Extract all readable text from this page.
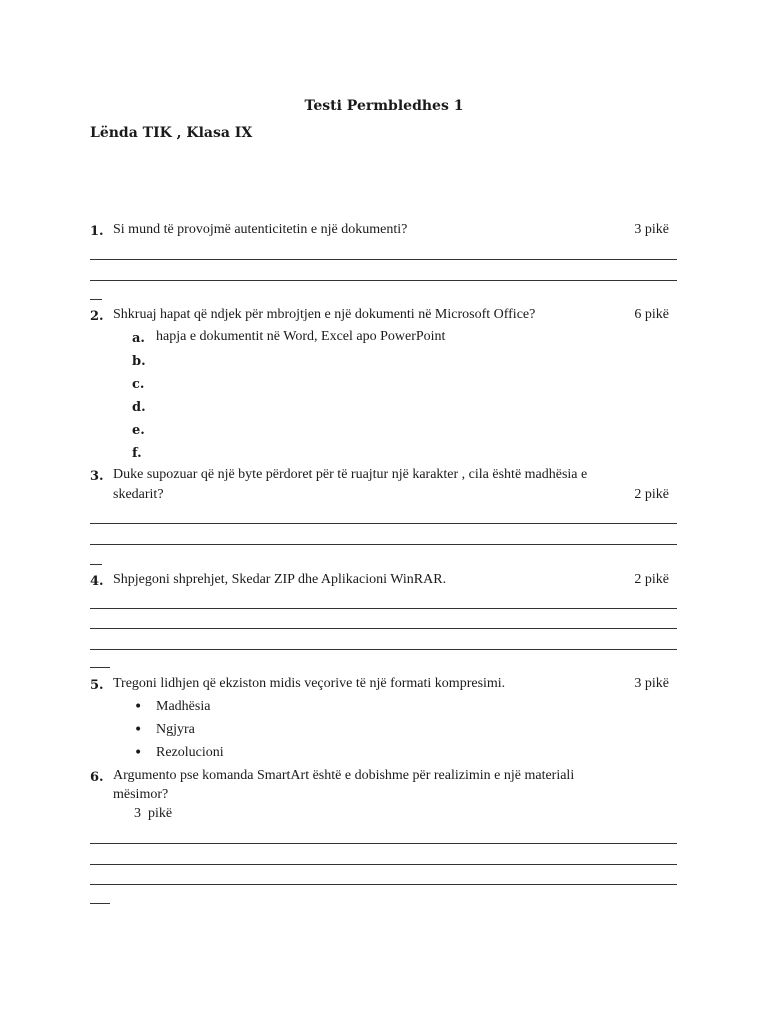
Testi Permbledhes 1
Lënda TIK , Klasa IX
1. Si mund të provojmë autenticitetin e një dokumenti?	3 pikë
2. Shkruaj hapat që ndjek për mbrojtjen e një dokumenti në Microsoft Office?	6 pikë
a. hapja e dokumentit në Word, Excel apo PowerPoint
b.
c.
d.
e.
f.
3. Duke supozuar që një byte përdoret për të ruajtur një karakter , cila është madhësia e
skedarit?	2 pikë
4. Shpjegoni shprehjet, Skedar ZIP dhe Aplikacioni WinRAR.	2 pikë
5. Tregoni lidhjen që ekziston midis veçorive të një formati kompresimi.	3 pikë
• Madhësia
• Ngjyra
• Rezolucioni
6. Argumento pse komanda SmartArt është e dobishme për realizimin e një materiali
mësimor?
3  pikë
